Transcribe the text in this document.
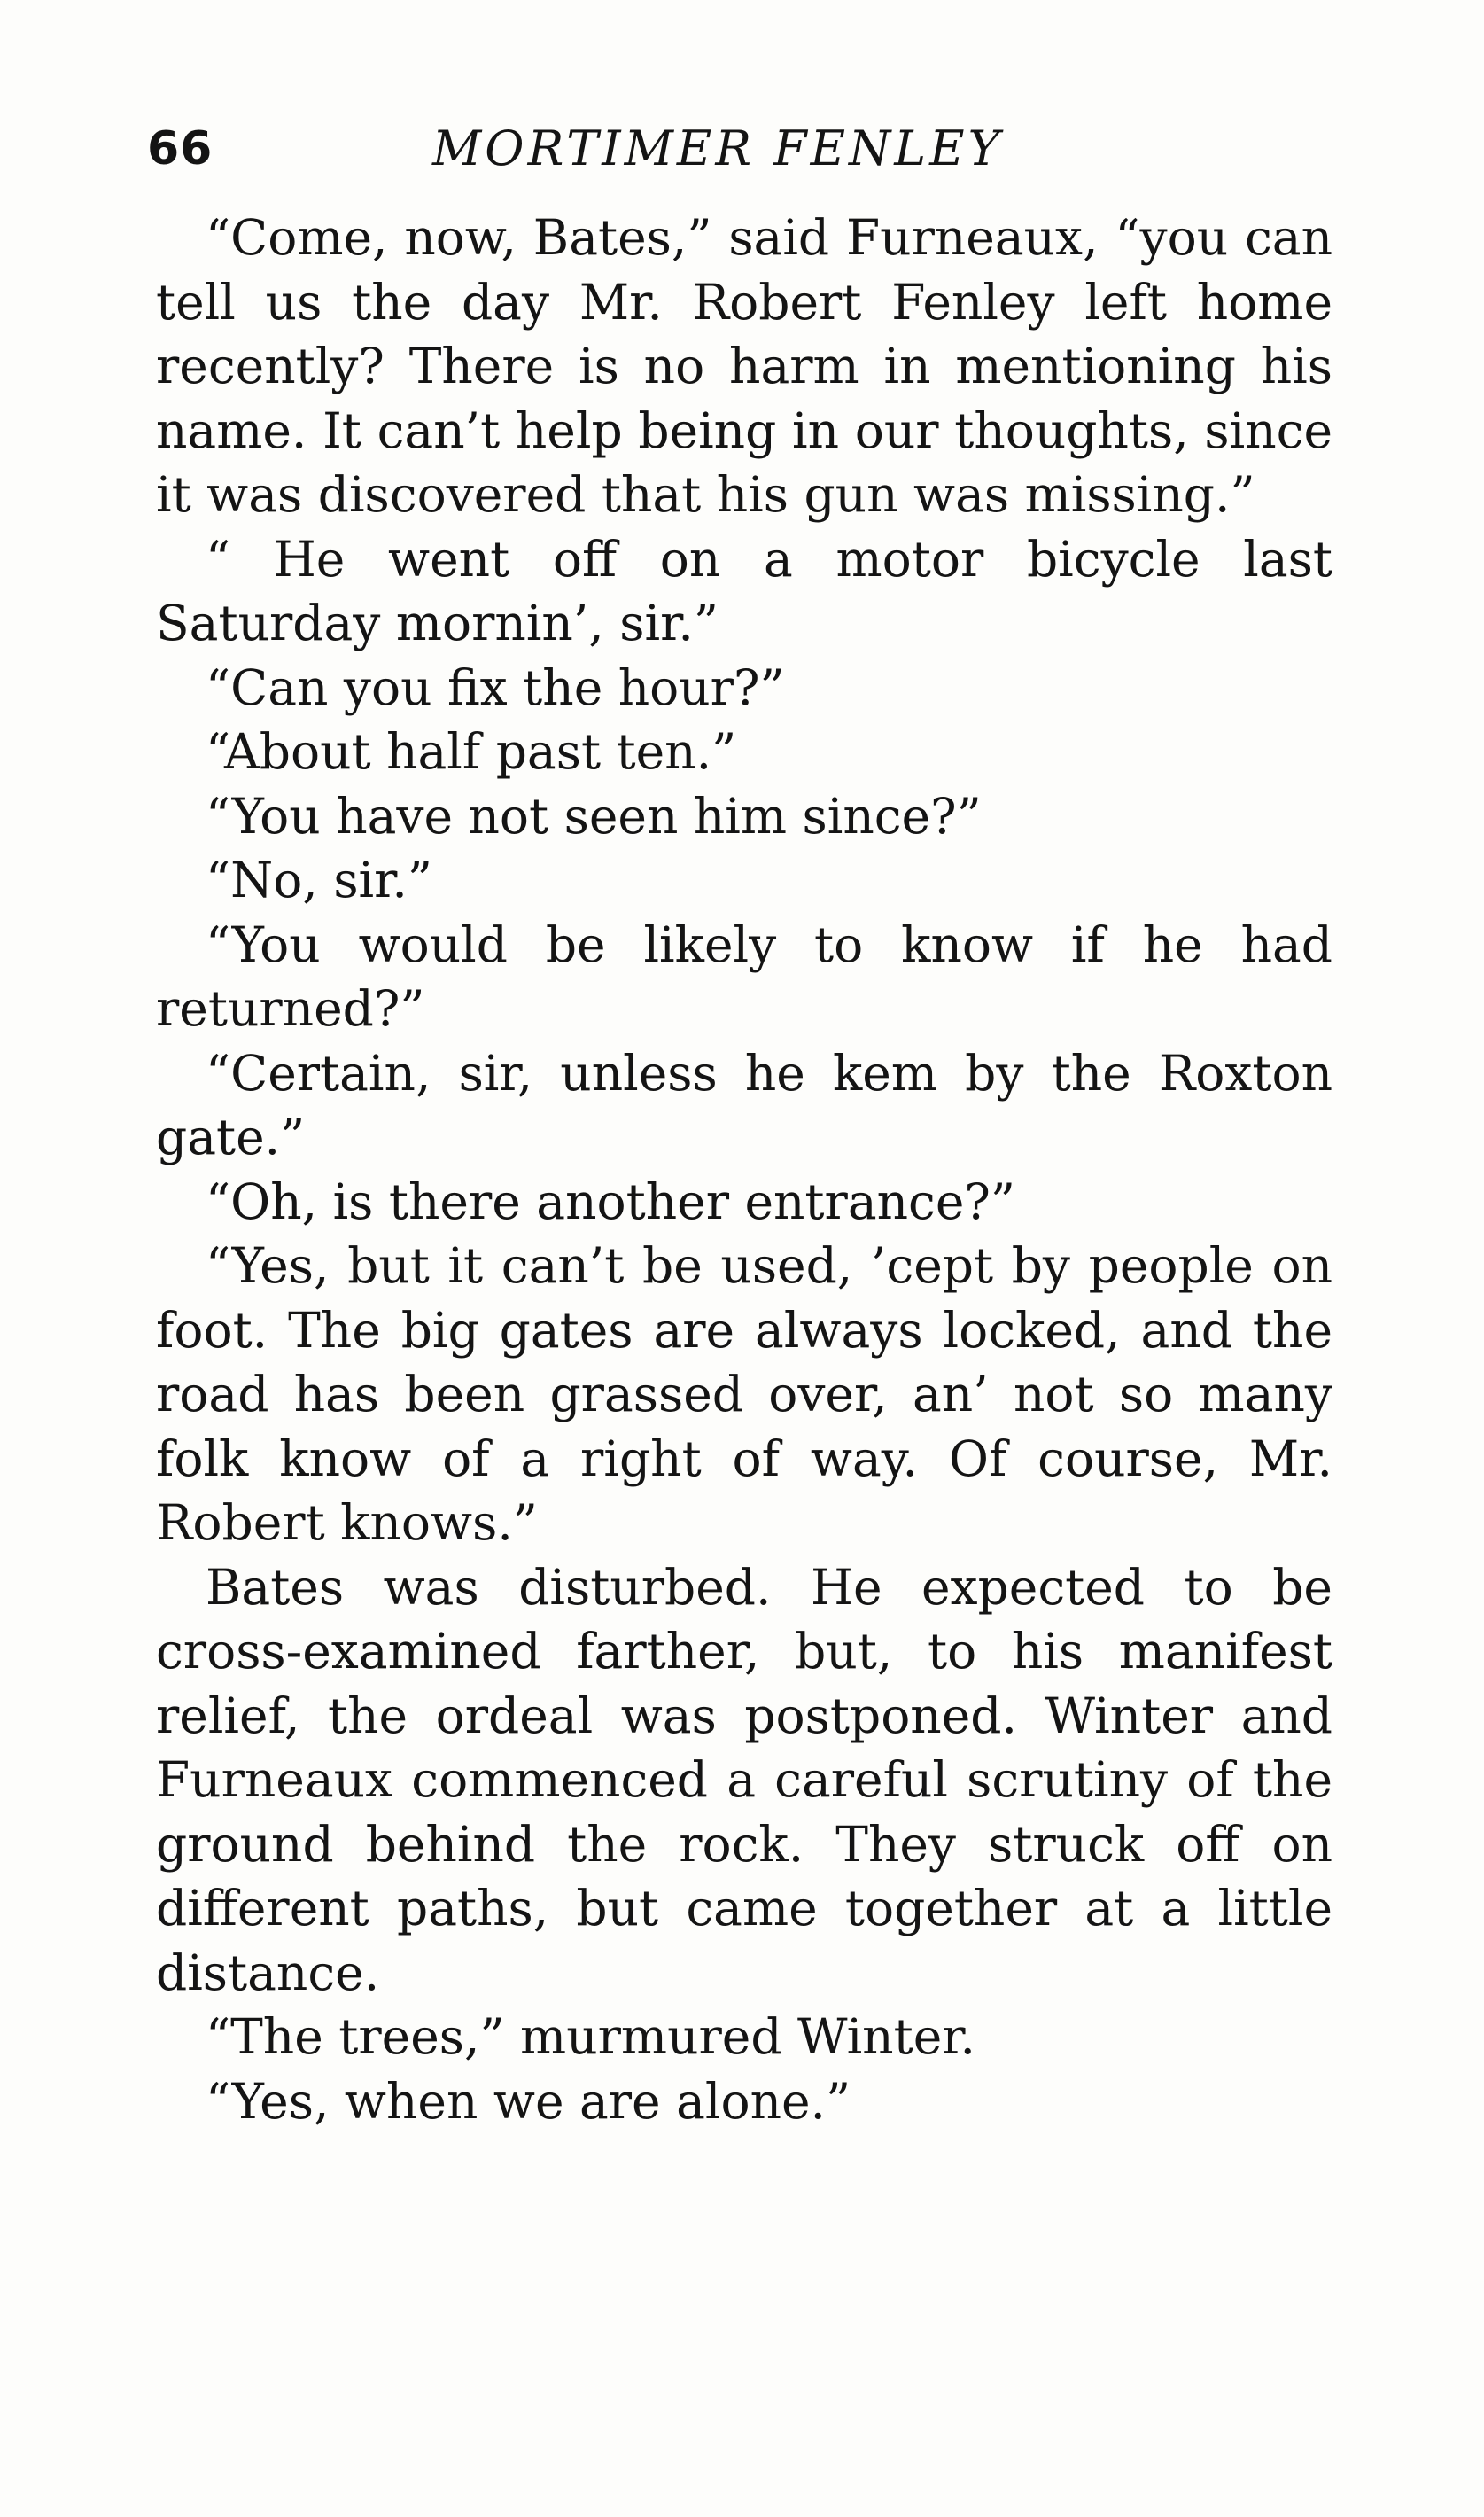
66	MORTIMER FENLEY

“Come, now, Bates,” said Furneaux, “you can tell us the day Mr. Robert Fenley left home recently? There is no harm in mentioning his name. It can’t help being in our thoughts, since it was discovered that his gun was missing.”

“ He went off on a motor bicycle last Saturday mornin’, sir.”

“Can you fix the hour?”

“About half past ten.”

“You have not seen him since?”

“No, sir.”

“You would be likely to know if he had returned?”

“Certain, sir, unless he kem by the Roxton gate.”

“Oh, is there another entrance?”

“Yes, but it can’t be used, ’cept by people on foot. The big gates are always locked, and the road has been grassed over, an’ not so many folk know of a right of way. Of course, Mr. Robert knows.”

Bates was disturbed. He expected to be cross-examined farther, but, to his manifest relief, the ordeal was postponed. Winter and Furneaux commenced a careful scrutiny of the ground behind the rock. They struck off on different paths, but came together at a little distance.

“The trees,” murmured Winter.

“Yes, when we are alone.”
